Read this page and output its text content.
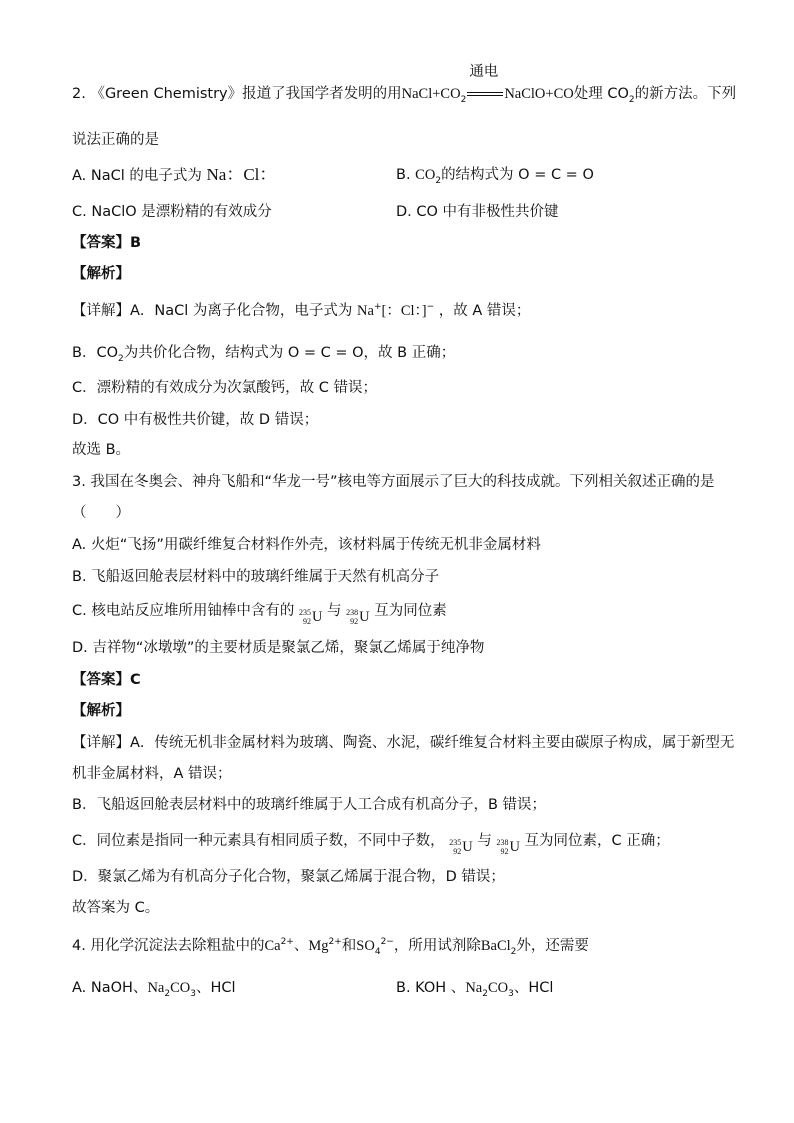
2. 《Green Chemistry》报道了我国学者发明的用$NaCl+CO_2$
通电
NaClO+CO处理 $CO_2$的新方法。下列
说法正确的是
A. NaCl 的电子式为 Na：Cl：	B. $CO_2$的结构式为 O = C = O
C. NaClO 是漂粉精的有效成分	D. CO 中有非极性共价键
【答案】B
【解析】
【详解】A．NaCl 为离子化合物，电子式为 Na+[：Cl：]− ，故 A 错误；
B．$CO_2$为共价化合物，结构式为 O = C = O，故 B 正确；
C．漂粉精的有效成分为次氯酸钙，故 C 错误；
D．CO 中有极性共价键，故 D 错误；
故选 B。
3. 我国在冬奥会、神舟飞船和“华龙一号”核电等方面展示了巨大的科技成就。下列相关叙述正确的是
（　　）
A. 火炬“飞扬”用碳纤维复合材料作外壳，该材料属于传统无机非金属材料
B. 飞船返回舱表层材料中的玻璃纤维属于天然有机高分子
C. 核电站反应堆所用铀棒中含有的 235
92 U 与 238
92 U 互为同位素
D. 吉祥物“冰墩墩”的主要材质是聚氯乙烯，聚氯乙烯属于纯净物
【答案】C
【解析】
【详解】A．传统无机非金属材料为玻璃、陶瓷、水泥，碳纤维复合材料主要由碳原子构成，属于新型无
机非金属材料，A 错误；
B．飞船返回舱表层材料中的玻璃纤维属于人工合成有机高分子，B 错误；
C．同位素是指同一种元素具有相同质子数，不同中子数， 235
92 U 与 238
92 U 互为同位素，C 正确；
D．聚氯乙烯为有机高分子化合物，聚氯乙烯属于混合物，D 错误；
故答案为 C。
4. 用化学沉淀法去除粗盐中的$Ca^{2+}$、$Mg^{2+}$和$SO_4^{2-}$，所用试剂除BaCl$_2$外，还需要
A. NaOH、$Na_2CO_3$、HCl	B. KOH 、$Na_2CO_3$、HCl
